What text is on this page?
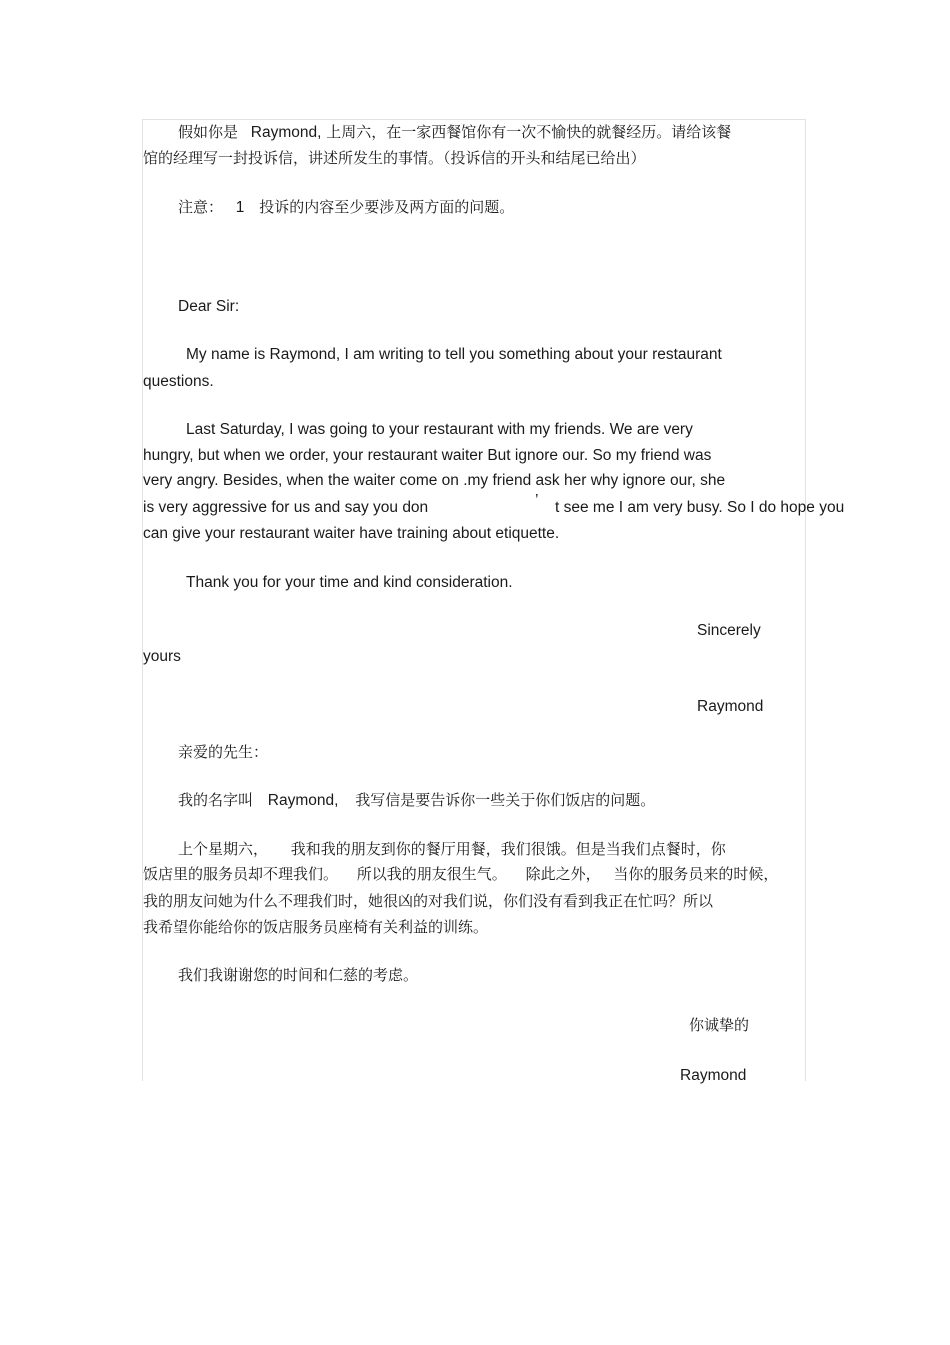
假如你是 Raymond, 上周六，在一家西餐馆你有一次不愉快的就餐经历。请给该餐
馆的经理写一封投诉信，讲述所发生的事情。（投诉信的开头和结尾已给出）
注意： 1 投诉的内容至少要涉及两方面的问题。
Dear Sir:
My name is Raymond, I am writing to tell you something about your restaurant
questions.
Last Saturday, I was going to your restaurant with my friends. We are very
hungry, but when we order, your restaurant waiter But ignore our. So my friend was
very angry. Besides, when the waiter come on .my friend ask her why ignore our, she
is very aggressive for us and say you don	’ t see me I am very busy. So I do hope you
can give your restaurant waiter have training about etiquette.
Thank you for your time and kind consideration.
Sincerely
yours
Raymond
亲爱的先生：
我的名字叫 Raymond, 我写信是要告诉你一些关于你们饭店的问题。
上个星期六， 我和我的朋友到你的餐厅用餐，我们很饿。但是当我们点餐时，你
饭店里的服务员却不理我们。 所以我的朋友很生气。 除此之外， 当你的服务员来的时候，
我的朋友问她为什么不理我们时，她很凶的对我们说，你们没有看到我正在忙吗？所以
我希望你能给你的饭店服务员座椅有关利益的训练。
我们我谢谢您的时间和仁慈的考虑。
你诚挚的
Raymond
